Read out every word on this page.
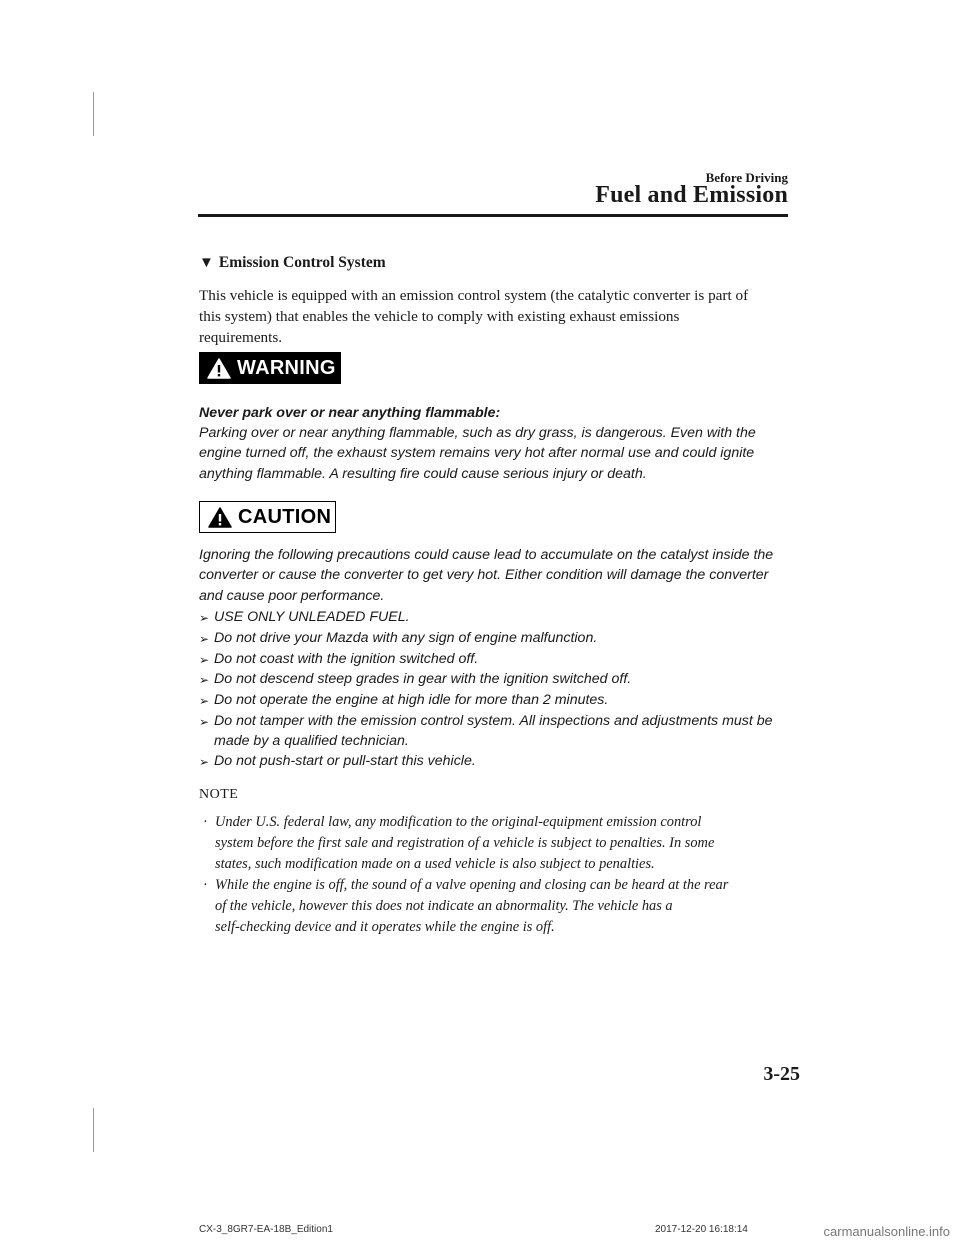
Before Driving
Fuel and Emission
▼ Emission Control System
This vehicle is equipped with an emission control system (the catalytic converter is part of
this system) that enables the vehicle to comply with existing exhaust emissions
requirements.
WARNING
Never park over or near anything flammable:
Parking over or near anything flammable, such as dry grass, is dangerous. Even with the
engine turned off, the exhaust system remains very hot after normal use and could ignite
anything flammable. A resulting fire could cause serious injury or death.
CAUTION
Ignoring the following precautions could cause lead to accumulate on the catalyst inside the
converter or cause the converter to get very hot. Either condition will damage the converter
and cause poor performance.
➢ USE ONLY UNLEADED FUEL.
➢ Do not drive your Mazda with any sign of engine malfunction.
➢ Do not coast with the ignition switched off.
➢ Do not descend steep grades in gear with the ignition switched off.
➢ Do not operate the engine at high idle for more than 2 minutes.
➢ Do not tamper with the emission control system. All inspections and adjustments must be
made by a qualified technician.
➢ Do not push-start or pull-start this vehicle.
NOTE
· Under U.S. federal law, any modification to the original-equipment emission control
system before the first sale and registration of a vehicle is subject to penalties. In some
states, such modification made on a used vehicle is also subject to penalties.
· While the engine is off, the sound of a valve opening and closing can be heard at the rear
of the vehicle, however this does not indicate an abnormality. The vehicle has a
self-checking device and it operates while the engine is off.
3-25
CX-3_8GR7-EA-18B_Edition1	2017-12-20 16:18:14	carmanualsonline.info
